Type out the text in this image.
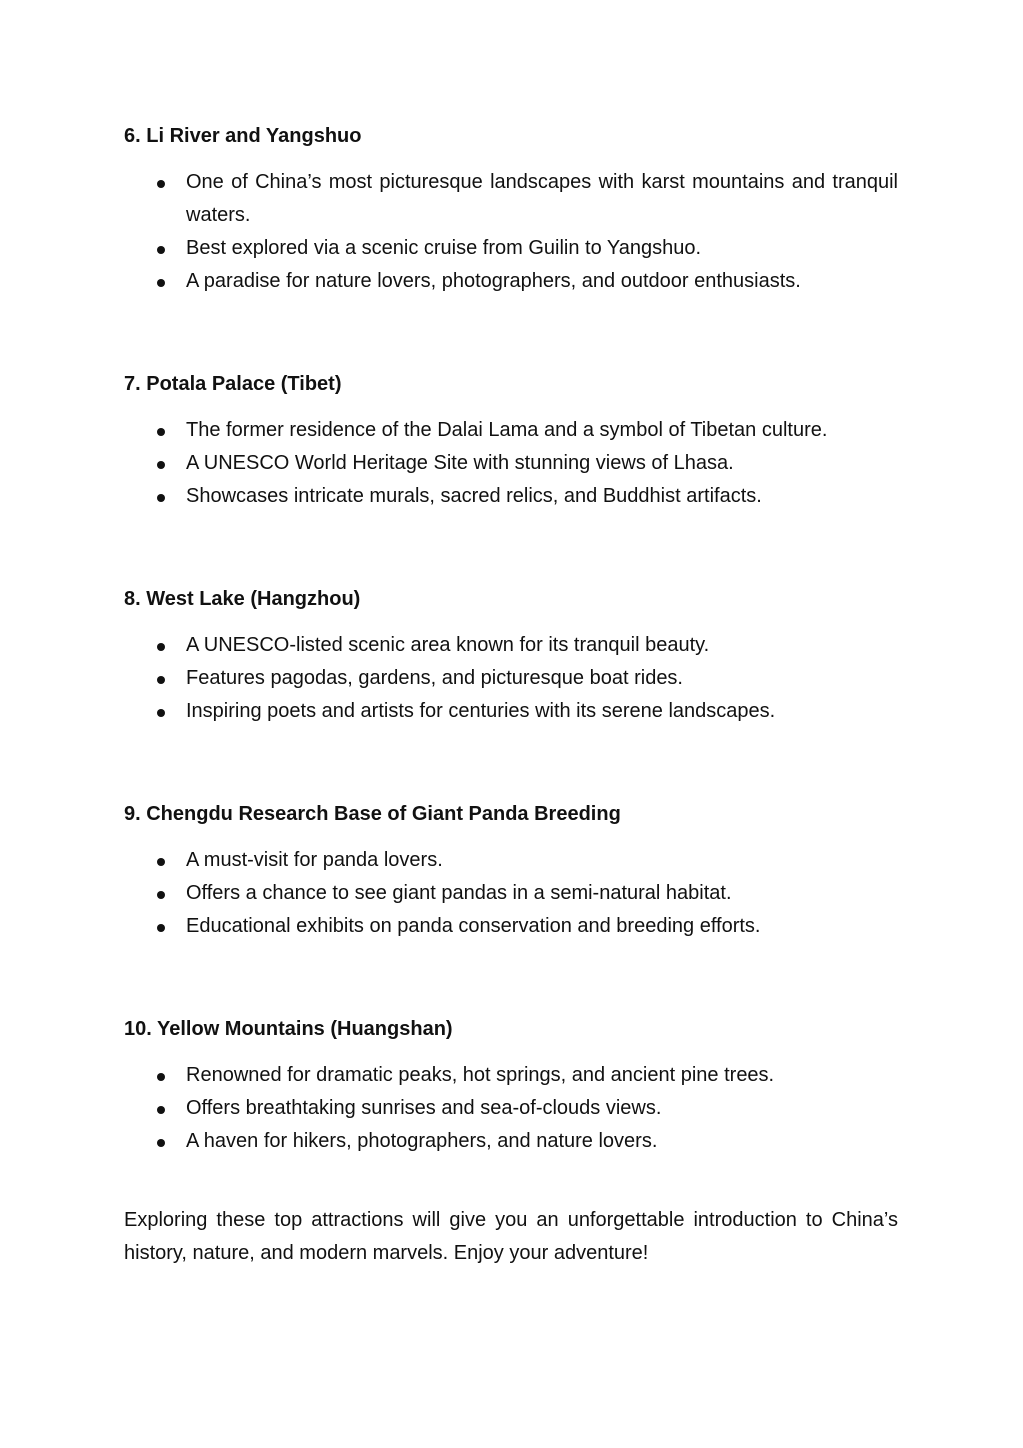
6. Li River and Yangshuo
One of China’s most picturesque landscapes with karst mountains and tranquil waters.
Best explored via a scenic cruise from Guilin to Yangshuo.
A paradise for nature lovers, photographers, and outdoor enthusiasts.
7. Potala Palace (Tibet)
The former residence of the Dalai Lama and a symbol of Tibetan culture.
A UNESCO World Heritage Site with stunning views of Lhasa.
Showcases intricate murals, sacred relics, and Buddhist artifacts.
8. West Lake (Hangzhou)
A UNESCO-listed scenic area known for its tranquil beauty.
Features pagodas, gardens, and picturesque boat rides.
Inspiring poets and artists for centuries with its serene landscapes.
9. Chengdu Research Base of Giant Panda Breeding
A must-visit for panda lovers.
Offers a chance to see giant pandas in a semi-natural habitat.
Educational exhibits on panda conservation and breeding efforts.
10. Yellow Mountains (Huangshan)
Renowned for dramatic peaks, hot springs, and ancient pine trees.
Offers breathtaking sunrises and sea-of-clouds views.
A haven for hikers, photographers, and nature lovers.

Exploring these top attractions will give you an unforgettable introduction to China’s history, nature, and modern marvels. Enjoy your adventure!
